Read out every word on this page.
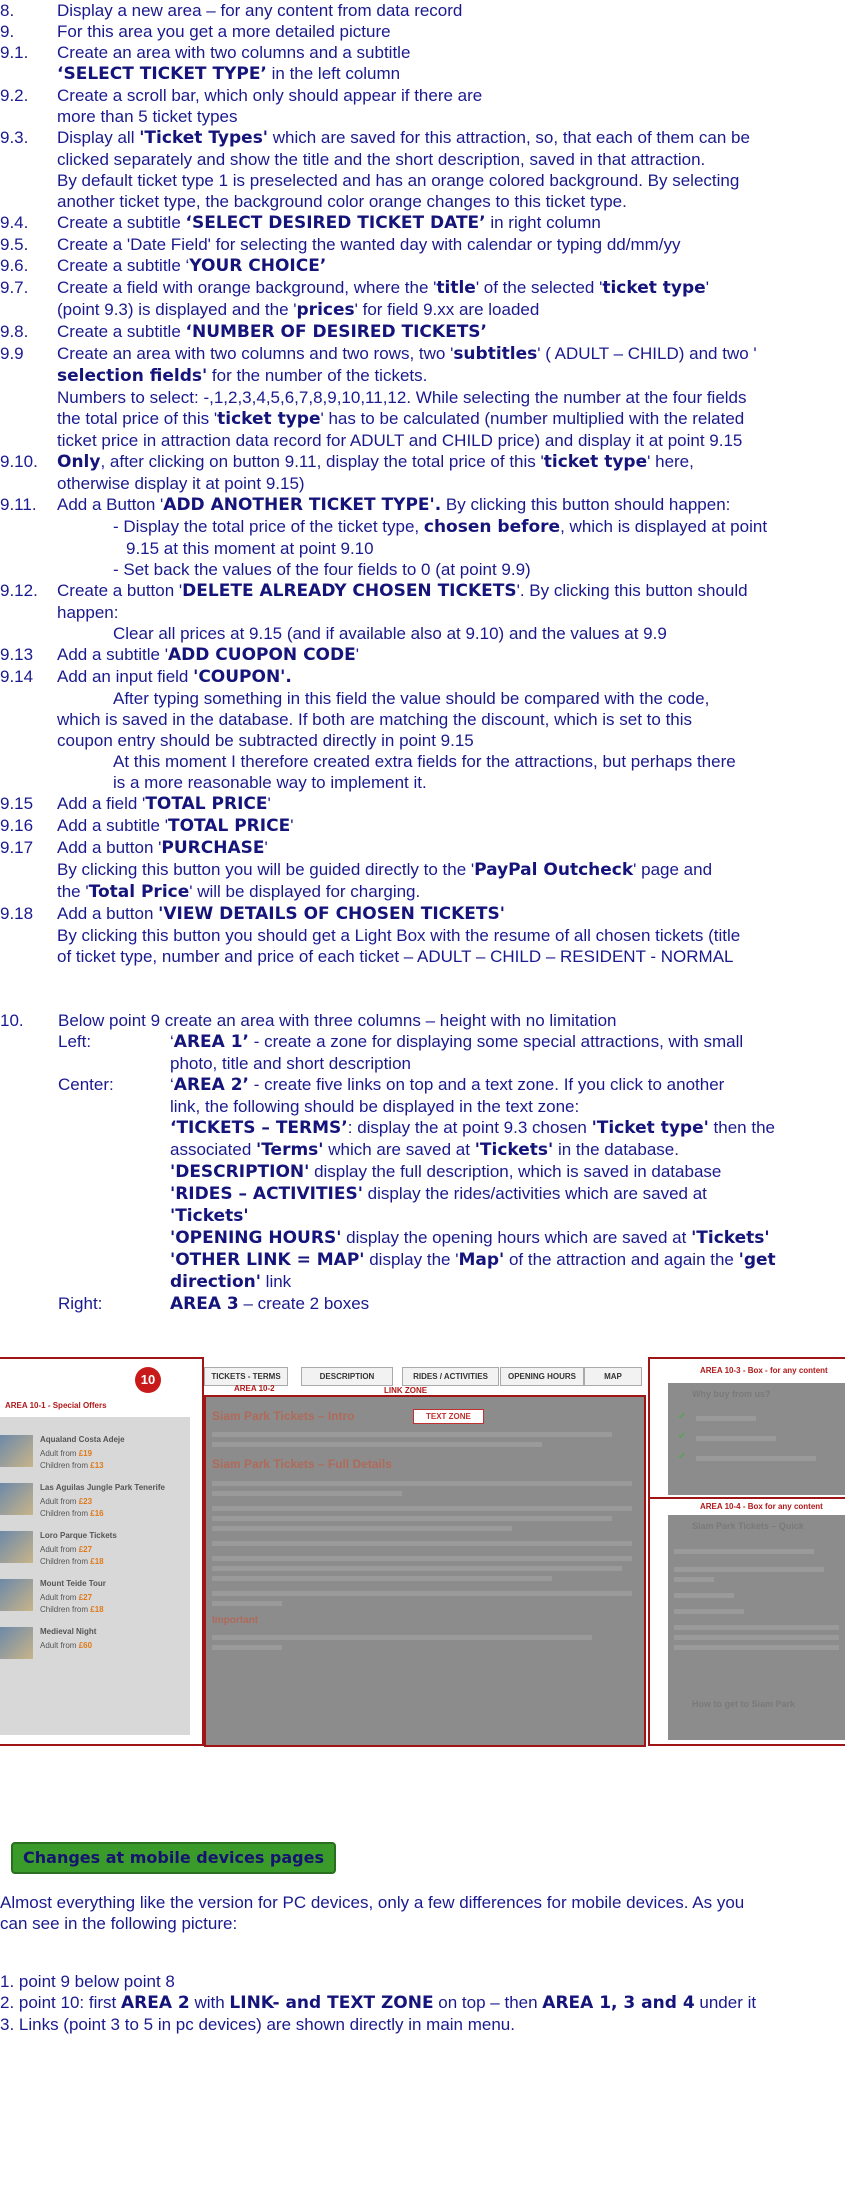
8.	Display a new area – for any content from data record
9.	For this area you get a more detailed picture
9.1. Create an area with two columns and a subtitle
‘SELECT TICKET TYPE’ in the left column
9.2. Create a scroll bar, which only should appear if there are
more than 5 ticket types
9.3. Display all 'Ticket Types' which are saved for this attraction, so, that each of them can be
clicked separately and show the title and the short description, saved in that attraction.
By default ticket type 1 is preselected and has an orange colored background. By selecting
another ticket type, the background color orange changes to this ticket type.
9.4. Create a subtitle ‘SELECT DESIRED TICKET DATE’ in right column
9.5. Create a 'Date Field' for selecting the wanted day with calendar or typing dd/mm/yy
9.6. Create a subtitle ‘YOUR CHOICE’
9.7. Create a field with orange background, where the 'title' of the selected 'ticket type'
(point 9.3) is displayed and the 'prices' for field 9.xx are loaded
9.8. Create a subtitle ‘NUMBER OF DESIRED TICKETS’
9.9 Create an area with two columns and two rows, two 'subtitles' ( ADULT – CHILD) and two '
selection fields' for the number of the tickets.
Numbers to select: -,1,2,3,4,5,6,7,8,9,10,11,12. While selecting the number at the four fields
the total price of this 'ticket type' has to be calculated (number multiplied with the related
ticket price in attraction data record for ADULT and CHILD price) and display it at point 9.15
9.10. Only, after clicking on button 9.11, display the total price of this 'ticket type' here,
otherwise display it at point 9.15)
9.11. Add a Button 'ADD ANOTHER TICKET TYPE'. By clicking this button should happen:
- Display the total price of the ticket type, chosen before, which is displayed at point
9.15 at this moment at point 9.10
- Set back the values of the four fields to 0 (at point 9.9)
9.12. Create a button 'DELETE ALREADY CHOSEN TICKETS'. By clicking this button should
happen:
Clear all prices at 9.15 (and if available also at 9.10) and the values at 9.9
9.13 Add a subtitle 'ADD CUOPON CODE'
9.14 Add an input field 'COUPON'.
After typing something in this field the value should be compared with the code,
which is saved in the database. If both are matching the discount, which is set to this
coupon entry should be subtracted directly in point 9.15
At this moment I therefore created extra fields for the attractions, but perhaps there
is a more reasonable way to implement it.
9.15 Add a field 'TOTAL PRICE'
9.16 Add a subtitle 'TOTAL PRICE'
9.17 Add a button 'PURCHASE'
By clicking this button you will be guided directly to the 'PayPal Outcheck' page and
the 'Total Price' will be displayed for charging.
9.18 Add a button 'VIEW DETAILS OF CHOSEN TICKETS'
By clicking this button you should get a Light Box with the resume of all chosen tickets (title
of ticket type, number and price of each ticket – ADULT – CHILD – RESIDENT - NORMAL
10. Below point 9 create an area with three columns – height with no limitation
Left:	‘AREA 1’ - create a zone for displaying some special attractions, with small
photo, title and short description
Center:	‘AREA 2’ - create five links on top and a text zone. If you click to another
link, the following should be displayed in the text zone:
‘TICKETS – TERMS’: display the at point 9.3 chosen 'Ticket type' then the
associated 'Terms' which are saved at 'Tickets' in the database.
'DESCRIPTION' display the full description, which is saved in database
'RIDES – ACTIVITIES' display the rides/activities which are saved at
'Tickets'
'OPENING HOURS' display the opening hours which are saved at 'Tickets'
'OTHER LINK = MAP' display the 'Map' of the attraction and again the 'get
direction' link
Right:	AREA 3 – create 2 boxes
10
AREA 10-1 - Special Offers
Aqualand Costa Adeje
Adult from £19
Children from £13
Las Aguilas Jungle Park Tenerife
Adult from £23
Children from £16
Loro Parque Tickets
Adult from £27
Children from £18
Mount Teide Tour
Adult from £27
Children from £18
Medieval Night
Adult from £60
TICKETS - TERMS	DESCRIPTION	RIDES / ACTIVITIES	OPENING HOURS	MAP
AREA 10-2	LINK ZONE
TEXT ZONE
Siam Park Tickets – Intro
Siam Park Tickets – Full Details
Important
AREA 10-3 - Box - for any content
Why buy from us?
✔
✔
✔
AREA 10-4 - Box for any content
Siam Park Tickets – Quick
How to get to Siam Park
Changes at mobile devices pages

Almost everything like the version for PC devices, only a few differences for mobile devices. As you

can see in the following picture:

1. point 9 below point 8
2. point 10: first AREA 2 with LINK- and TEXT ZONE on top – then AREA 1, 3 and 4 under it
3. Links (point 3 to 5 in pc devices) are shown directly in main menu.
